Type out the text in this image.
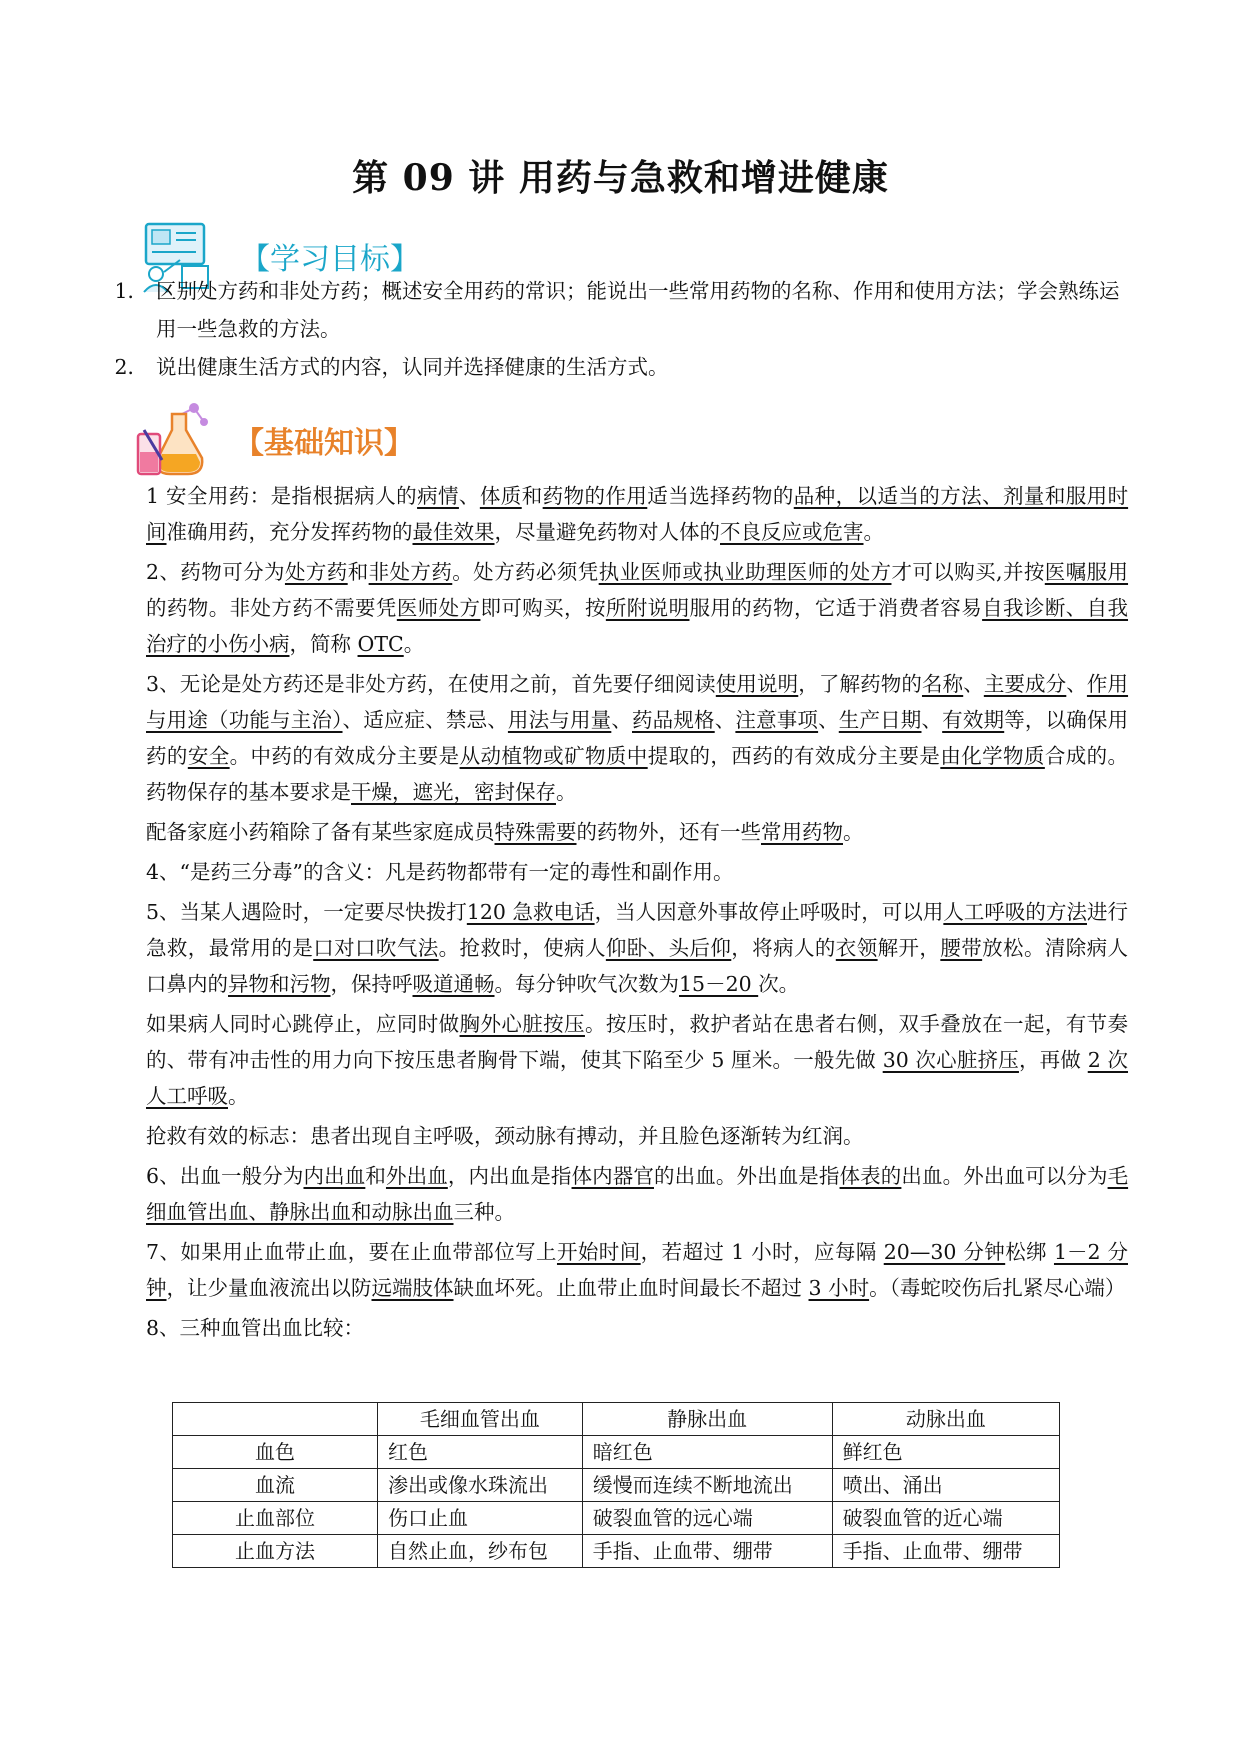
第 09 讲 用药与急救和增进健康
【学习目标】
1． 区别处方药和非处方药；概述安全用药的常识；能说出一些常用药物的名称、作用和使用方法；学会熟练运用一些急救的方法。
2． 说出健康生活方式的内容，认同并选择健康的生活方式。
【基础知识】

1 安全用药：是指根据病人的病情、体质和药物的作用适当选择药物的品种，以适当的方法、剂量和服用时间准确用药，充分发挥药物的最佳效果，尽量避免药物对人体的不良反应或危害。

2、药物可分为处方药和非处方药。处方药必须凭执业医师或执业助理医师的处方才可以购买,并按医嘱服用的药物。非处方药不需要凭医师处方即可购买，按所附说明服用的药物，它适于消费者容易自我诊断、自我治疗的小伤小病，简称 OTC。

3、无论是处方药还是非处方药，在使用之前，首先要仔细阅读使用说明，了解药物的名称、主要成分、作用与用途（功能与主治）、适应症、禁忌、用法与用量、药品规格、注意事项、生产日期、有效期等，以确保用药的安全。中药的有效成分主要是从动植物或矿物质中提取的，西药的有效成分主要是由化学物质合成的。药物保存的基本要求是干燥，遮光，密封保存。

配备家庭小药箱除了备有某些家庭成员特殊需要的药物外，还有一些常用药物。

4、“是药三分毒”的含义：凡是药物都带有一定的毒性和副作用。

5、当某人遇险时，一定要尽快拨打120 急救电话，当人因意外事故停止呼吸时，可以用人工呼吸的方法进行急救，最常用的是口对口吹气法。抢救时，使病人仰卧、头后仰，将病人的衣领解开，腰带放松。清除病人口鼻内的异物和污物，保持呼吸道通畅。每分钟吹气次数为15－20 次。

如果病人同时心跳停止，应同时做胸外心脏按压。按压时，救护者站在患者右侧，双手叠放在一起，有节奏的、带有冲击性的用力向下按压患者胸骨下端，使其下陷至少 5 厘米。一般先做 30 次心脏挤压，再做 2 次人工呼吸。

抢救有效的标志：患者出现自主呼吸，颈动脉有搏动，并且脸色逐渐转为红润。

6、出血一般分为内出血和外出血，内出血是指体内器官的出血。外出血是指体表的出血。外出血可以分为毛细血管出血、静脉出血和动脉出血三种。

7、如果用止血带止血，要在止血带部位写上开始时间，若超过 1 小时，应每隔 20—30 分钟松绑 1－2 分钟，让少量血液流出以防远端肢体缺血坏死。止血带止血时间最长不超过 3 小时。（毒蛇咬伤后扎紧尽心端）

8、三种血管出血比较：

	毛细血管出血	静脉出血	动脉出血
血色	红色	暗红色	鲜红色
血流	渗出或像水珠流出	缓慢而连续不断地流出	喷出、涌出
止血部位	伤口止血	破裂血管的远心端	破裂血管的近心端
止血方法	自然止血，纱布包	手指、止血带、绷带	手指、止血带、绷带
